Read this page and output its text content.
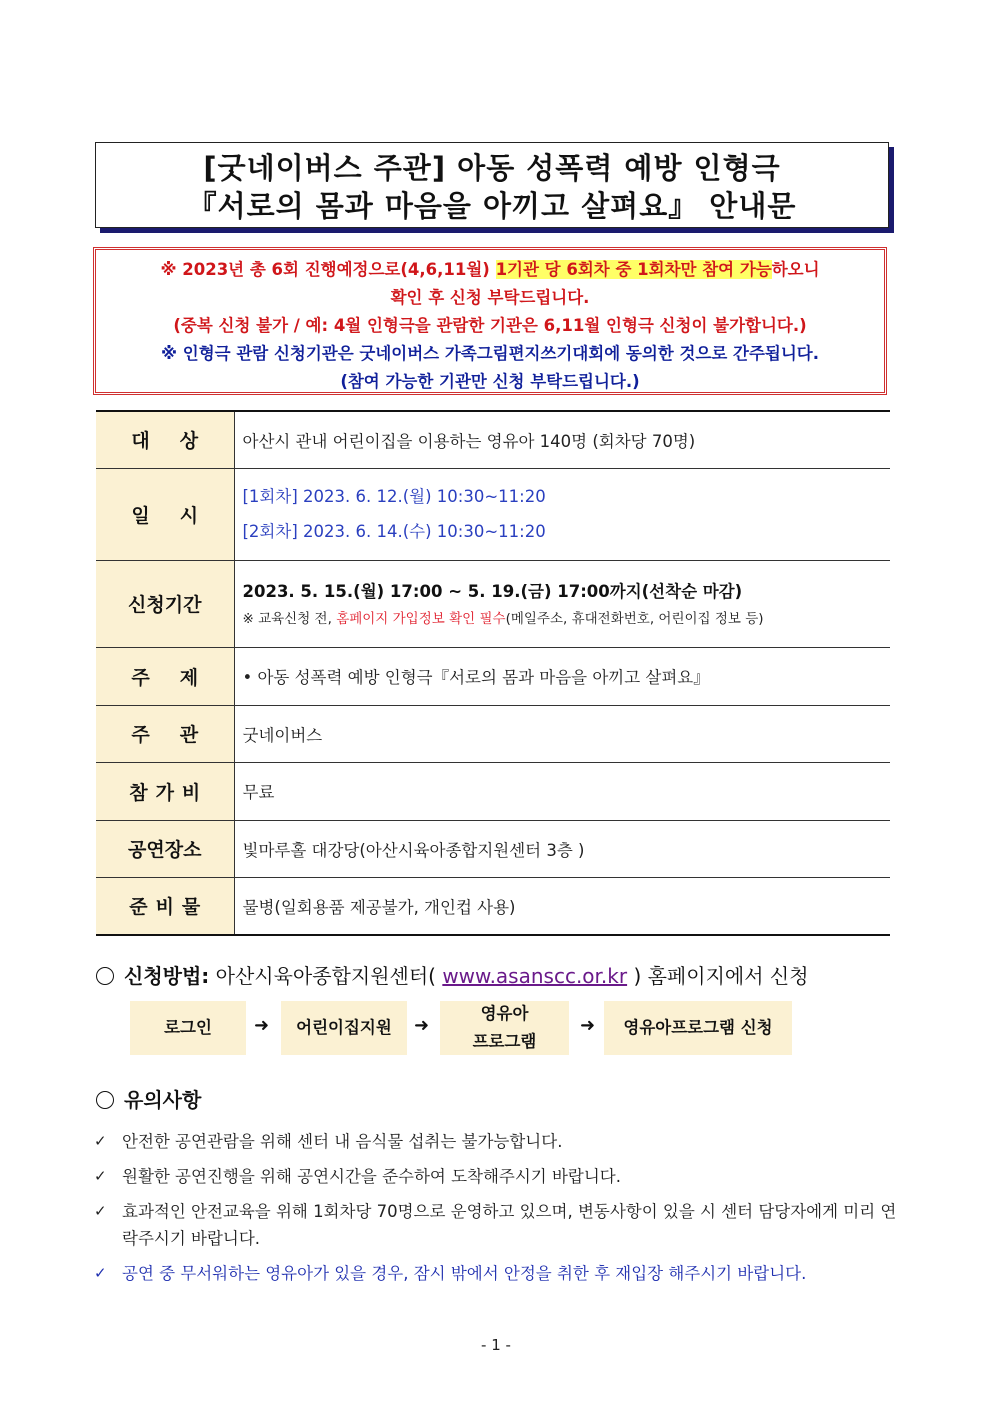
[굿네이버스 주관] 아동 성폭력 예방 인형극
『서로의 몸과 마음을 아끼고 살펴요』 안내문
※ 2023년 총 6회 진행예정으로(4,6,11월) 1기관 당 6회차 중 1회차만 참여 가능하오니
확인 후 신청 부탁드립니다.
(중복 신청 불가 / 예: 4월 인형극을 관람한 기관은 6,11월 인형극 신청이 불가합니다.)
※ 인형극 관람 신청기관은 굿네이버스 가족그림편지쓰기대회에 동의한 것으로 간주됩니다.
(참여 가능한 기관만 신청 부탁드립니다.)
대상	아산시 관내 어린이집을 이용하는 영유아 140명 (회차당 70명)
일시	[1회차] 2023. 6. 12.(월) 10:30~11:20
[2회차] 2023. 6. 14.(수) 10:30~11:20

신청기간	2023. 5. 15.(월) 17:00 ~ 5. 19.(금) 17:00까지(선착순 마감)
※ 교육신청 전, 홈페이지 가입정보 확인 필수(메일주소, 휴대전화번호, 어린이집 정보 등)

주제	• 아동 성폭력 예방 인형극『서로의 몸과 마음을 아끼고 살펴요』
주관	굿네이버스
참가비	무료
공연장소	빛마루홀 대강당(아산시육아종합지원센터 3층 )
준비물	물병(일회용품 제공불가, 개인컵 사용)
신청방법: 아산시육아종합지원센터( www.asanscc.or.kr ) 홈페이지에서 신청
로그인	➜	어린이집지원	➜
영유아
프로그램
➜	영유아프로그램 신청
유의사항
✓ 안전한 공연관람을 위해 센터 내 음식물 섭취는 불가능합니다.
✓ 원활한 공연진행을 위해 공연시간을 준수하여 도착해주시기 바랍니다.
✓ 효과적인 안전교육을 위해 1회차당 70명으로 운영하고 있으며, 변동사항이 있을 시 센터 담당자에게 미리 연락주시기 바랍니다.
✓ 공연 중 무서워하는 영유아가 있을 경우, 잠시 밖에서 안정을 취한 후 재입장 해주시기 바랍니다.
- 1 -
